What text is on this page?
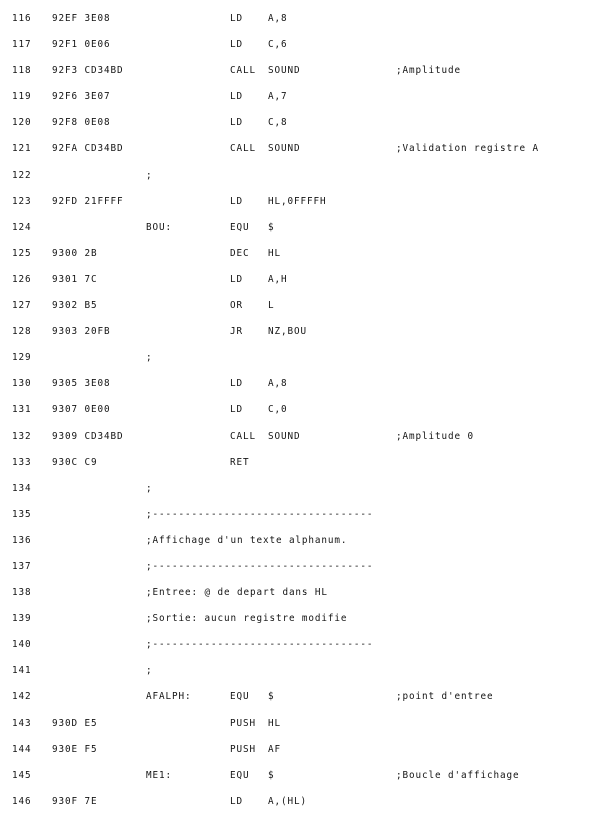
116 92EF 3E08	LD	A,8
117 92F1 0E06	LD	C,6
118 92F3 CD34BD	CALL SOUND	;Amplitude
119 92F6 3E07	LD	A,7
120 92F8 0E08	LD	C,8
121 92FA CD34BD	CALL SOUND	;Validation registre A
122	;
123 92FD 21FFFF	LD	HL,0FFFFH
124	BOU:	EQU $
125 9300 2B	DEC HL
126 9301 7C	LD	A,H
127 9302 B5	OR	L
128 9303 20FB	JR	NZ,BOU
129	;
130 9305 3E08	LD	A,8
131 9307 0E00	LD	C,0
132 9309 CD34BD	CALL SOUND	;Amplitude 0
133 930C C9	RET
134	;
135	;----------------------------------
136	;Affichage d'un texte alphanum.
137	;----------------------------------
138	;Entree: @ de depart dans HL
139	;Sortie: aucun registre modifie
140	;----------------------------------
141	;
142	AFALPH:	EQU $	;point d'entree
143 930D E5	PUSH HL
144 930E F5	PUSH AF
145	ME1:	EQU $	;Boucle d'affichage
146 930F 7E	LD	A,(HL)
